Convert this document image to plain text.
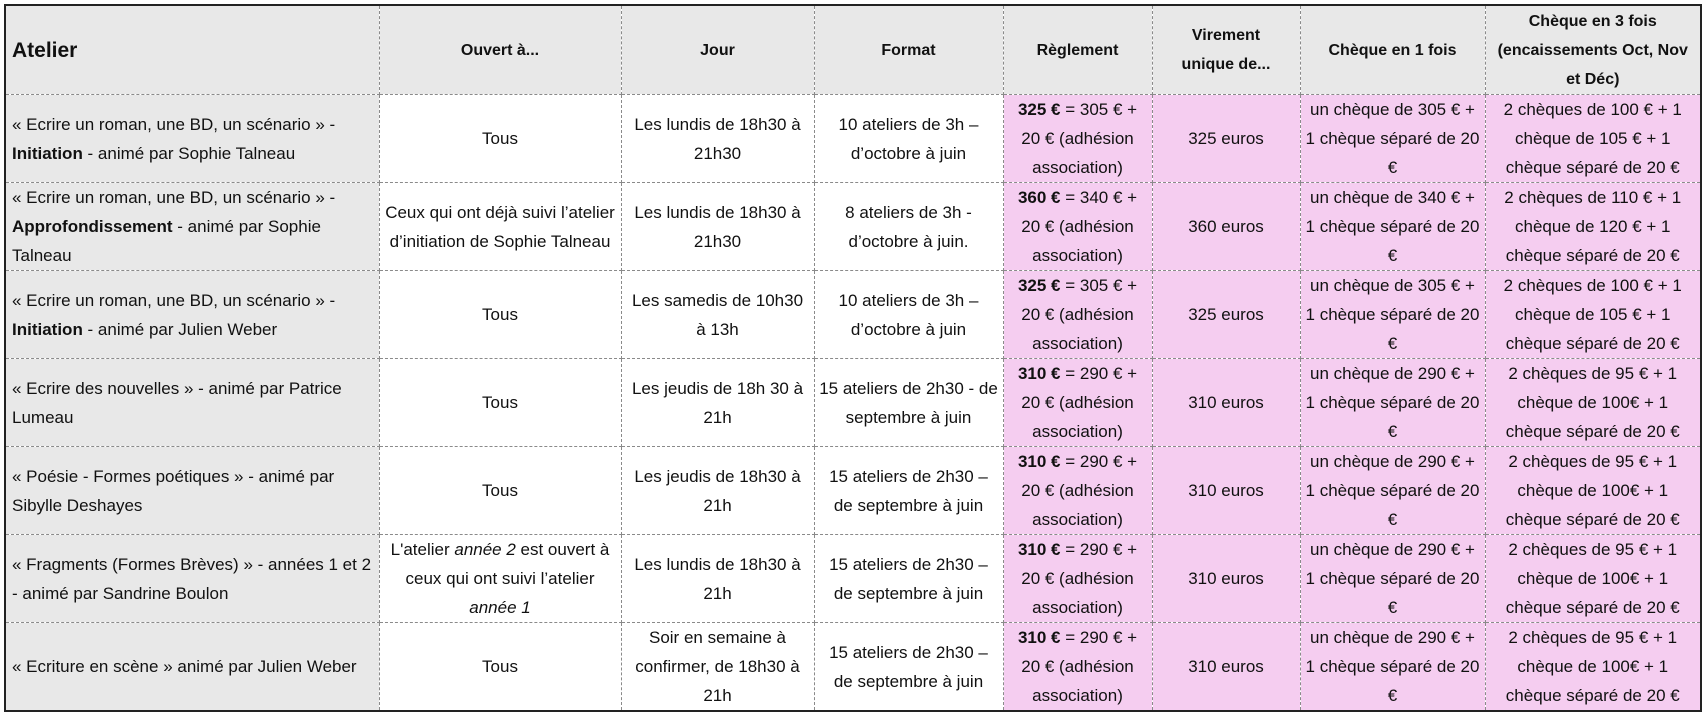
Atelier	Ouvert à...	Jour	Format	Règlement	Virement unique de...	Chèque en 1 fois	Chèque en 3 fois (encaissements Oct, Nov et Déc)
« Ecrire un roman, une BD, un scénario » - Initiation - animé par Sophie Talneau	Tous	Les lundis de 18h30 à 21h30	10 ateliers de 3h – d’octobre à juin	325 € = 305 € + 20 € (adhésion association)	325 euros	un chèque de 305 € + 1 chèque séparé de 20 €	2 chèques de 100 € + 1 chèque de 105 € + 1 chèque séparé de 20 €
« Ecrire un roman, une BD, un scénario » - Approfondissement - animé par Sophie Talneau	Ceux qui ont déjà suivi l’atelier d’initiation de Sophie Talneau	Les lundis de 18h30 à 21h30	8 ateliers de 3h - d’octobre à juin.	360 € = 340 € + 20 € (adhésion association)	360 euros	un chèque de 340 € + 1 chèque séparé de 20 €	2 chèques de 110 € + 1 chèque de 120 € + 1 chèque séparé de 20 €
« Ecrire un roman, une BD, un scénario » - Initiation - animé par Julien Weber	Tous	Les samedis de 10h30 à 13h	10 ateliers de 3h – d’octobre à juin	325 € = 305 € + 20 € (adhésion association)	325 euros	un chèque de 305 € + 1 chèque séparé de 20 €	2 chèques de 100 € + 1 chèque de 105 € + 1 chèque séparé de 20 €
« Ecrire des nouvelles » - animé par Patrice Lumeau	Tous	Les jeudis de 18h 30 à 21h	15 ateliers de 2h30 - de septembre à juin	310 € = 290 € + 20 € (adhésion association)	310 euros	un chèque de 290 € + 1 chèque séparé de 20 €	2 chèques de 95 € + 1 chèque de 100€ + 1 chèque séparé de 20 €
« Poésie - Formes poétiques » - animé par Sibylle Deshayes	Tous	Les jeudis de 18h30 à 21h	15 ateliers de 2h30 – de septembre à juin	310 € = 290 € + 20 € (adhésion association)	310 euros	un chèque de 290 € + 1 chèque séparé de 20 €	2 chèques de 95 € + 1 chèque de 100€ + 1 chèque séparé de 20 €
« Fragments (Formes Brèves) » - années 1 et 2 - animé par Sandrine Boulon	L'atelier année 2 est ouvert à ceux qui ont suivi l’atelier année 1	Les lundis de 18h30 à 21h	15 ateliers de 2h30 – de septembre à juin	310 € = 290 € + 20 € (adhésion association)	310 euros	un chèque de 290 € + 1 chèque séparé de 20 €	2 chèques de 95 € + 1 chèque de 100€ + 1 chèque séparé de 20 €
« Ecriture en scène » animé par Julien Weber	Tous	Soir en semaine à confirmer, de 18h30 à 21h	15 ateliers de 2h30 – de septembre à juin	310 € = 290 € + 20 € (adhésion association)	310 euros	un chèque de 290 € + 1 chèque séparé de 20 €	2 chèques de 95 € + 1 chèque de 100€ + 1 chèque séparé de 20 €
